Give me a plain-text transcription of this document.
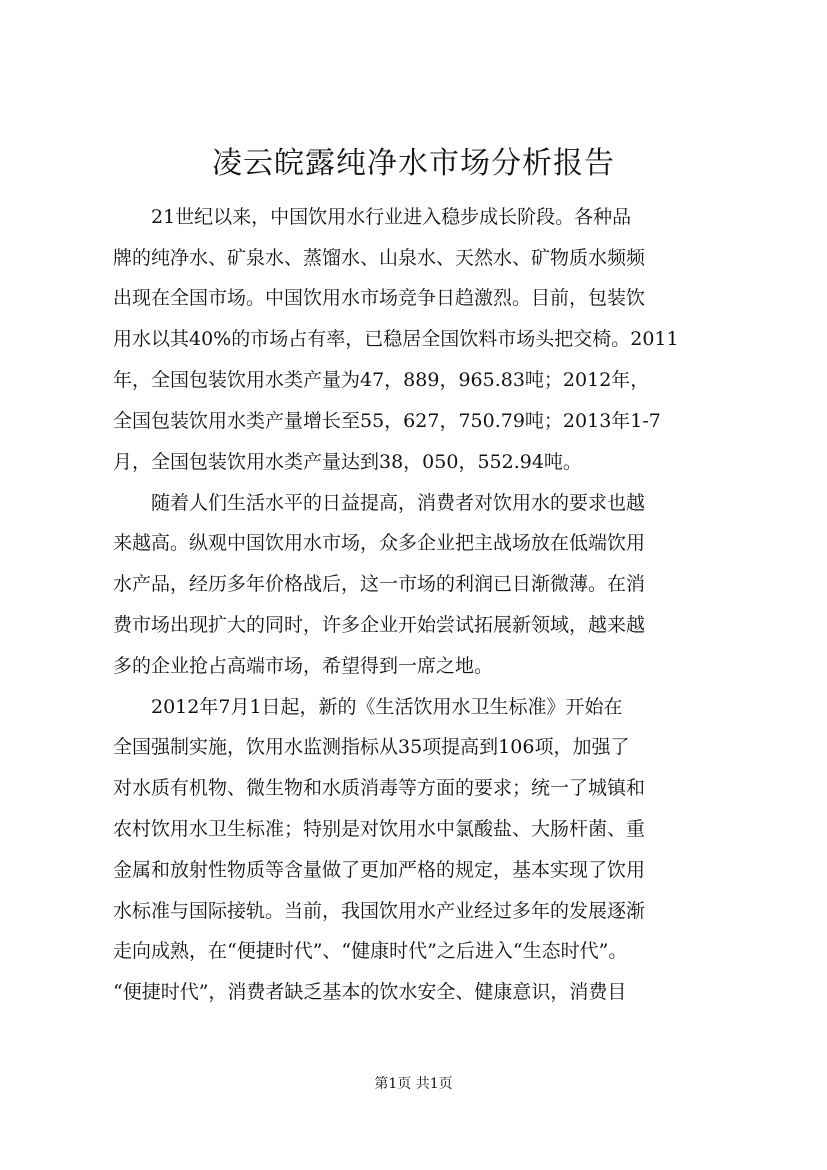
凌云皖露纯净水市场分析报告

　　21世纪以来，中国饮用水行业进入稳步成长阶段。各种品

牌的纯净水、矿泉水、蒸馏水、山泉水、天然水、矿物质水频频

出现在全国市场。中国饮用水市场竞争日趋激烈。目前，包装饮

用水以其40%的市场占有率，已稳居全国饮料市场头把交椅。2011

年，全国包装饮用水类产量为47，889，965.83吨；2012年，

全国包装饮用水类产量增长至55，627，750.79吨；2013年1-7

月，全国包装饮用水类产量达到38，050，552.94吨。

　　随着人们生活水平的日益提高，消费者对饮用水的要求也越

来越高。纵观中国饮用水市场，众多企业把主战场放在低端饮用

水产品，经历多年价格战后，这一市场的利润已日渐微薄。在消

费市场出现扩大的同时，许多企业开始尝试拓展新领域，越来越

多的企业抢占高端市场，希望得到一席之地。

　　2012年7月1日起，新的《生活饮用水卫生标准》开始在

全国强制实施，饮用水监测指标从35项提高到106项，加强了

对水质有机物、微生物和水质消毒等方面的要求；统一了城镇和

农村饮用水卫生标准；特别是对饮用水中氯酸盐、大肠杆菌、重

金属和放射性物质等含量做了更加严格的规定，基本实现了饮用

水标准与国际接轨。当前，我国饮用水产业经过多年的发展逐渐

走向成熟，在“便捷时代”、“健康时代”之后进入“生态时代”。

“便捷时代”，消费者缺乏基本的饮水安全、健康意识，消费目

第1页 共1页
